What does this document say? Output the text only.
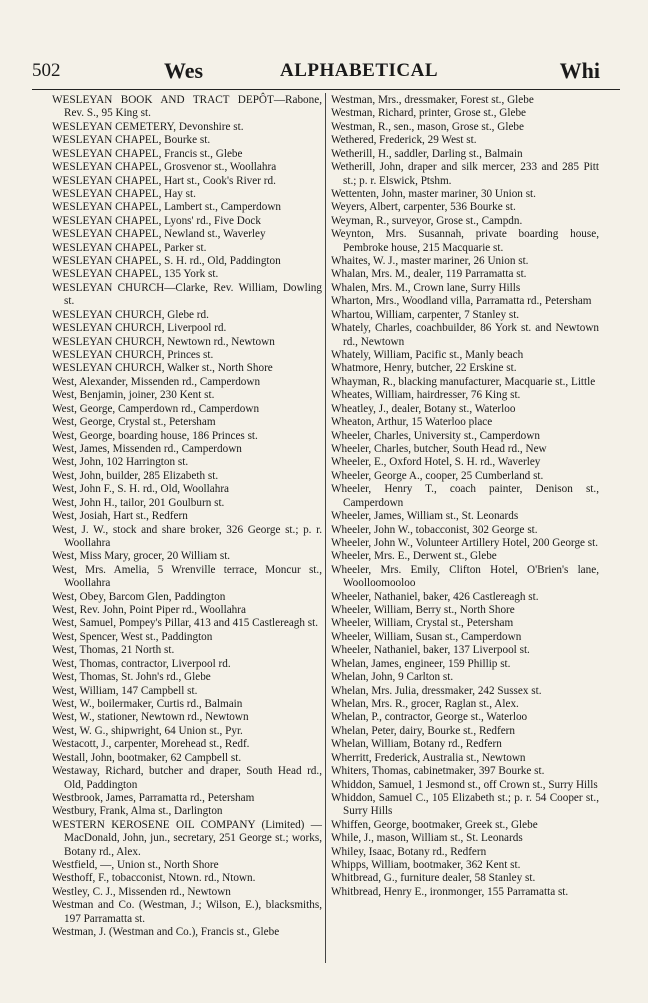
502	Wes	ALPHABETICAL	Whi
WESLEYAN BOOK AND TRACT DEPÔT—Rabone, Rev. S., 95 King st.
WESLEYAN CEMETERY, Devonshire st.
WESLEYAN CHAPEL, Bourke st.
WESLEYAN CHAPEL, Francis st., Glebe
WESLEYAN CHAPEL, Grosvenor st., Woollahra
WESLEYAN CHAPEL, Hart st., Cook's River rd.
WESLEYAN CHAPEL, Hay st.
WESLEYAN CHAPEL, Lambert st., Camperdown
WESLEYAN CHAPEL, Lyons' rd., Five Dock
WESLEYAN CHAPEL, Newland st., Waverley
WESLEYAN CHAPEL, Parker st.
WESLEYAN CHAPEL, S. H. rd., Old, Paddington
WESLEYAN CHAPEL, 135 York st.
WESLEYAN CHURCH—Clarke, Rev. William, Dowling st.
WESLEYAN CHURCH, Glebe rd.
WESLEYAN CHURCH, Liverpool rd.
WESLEYAN CHURCH, Newtown rd., Newtown
WESLEYAN CHURCH, Princes st.
WESLEYAN CHURCH, Walker st., North Shore
West, Alexander, Missenden rd., Camperdown
West, Benjamin, joiner, 230 Kent st.
West, George, Camperdown rd., Camperdown
West, George, Crystal st., Petersham
West, George, boarding house, 186 Princes st.
West, James, Missenden rd., Camperdown
West, John, 102 Harrington st.
West, John, builder, 285 Elizabeth st.
West, John F., S. H. rd., Old, Woollahra
West, John H., tailor, 201 Goulburn st.
West, Josiah, Hart st., Redfern
West, J. W., stock and share broker, 326 George st.; p. r. Woollahra
West, Miss Mary, grocer, 20 William st.
West, Mrs. Amelia, 5 Wrenville terrace, Moncur st., Woollahra
West, Obey, Barcom Glen, Paddington
West, Rev. John, Point Piper rd., Woollahra
West, Samuel, Pompey's Pillar, 413 and 415 Castlereagh st.
West, Spencer, West st., Paddington
West, Thomas, 21 North st.
West, Thomas, contractor, Liverpool rd.
West, Thomas, St. John's rd., Glebe
West, William, 147 Campbell st.
West, W., boilermaker, Curtis rd., Balmain
West, W., stationer, Newtown rd., Newtown
West, W. G., shipwright, 64 Union st., Pyr.
Westacott, J., carpenter, Morehead st., Redf.
Westall, John, bootmaker, 62 Campbell st.
Westaway, Richard, butcher and draper, South Head rd., Old, Paddington
Westbrook, James, Parramatta rd., Petersham
Westbury, Frank, Alma st., Darlington
WESTERN KEROSENE OIL COMPANY (Limited) —MacDonald, John, jun., secretary, 251 George st.; works, Botany rd., Alex.
Westfield, —, Union st., North Shore
Westhoff, F., tobacconist, Ntown. rd., Ntown.
Westley, C. J., Missenden rd., Newtown
Westman and Co. (Westman, J.; Wilson, E.), blacksmiths, 197 Parramatta st.
Westman, J. (Westman and Co.), Francis st., Glebe
Westman, Mrs., dressmaker, Forest st., Glebe
Westman, Richard, printer, Grose st., Glebe
Westman, R., sen., mason, Grose st., Glebe
Wethered, Frederick, 29 West st.
Wetherill, H., saddler, Darling st., Balmain
Wetherill, John, draper and silk mercer, 233 and 285 Pitt st.; p. r. Elswick, Ptshm.
Wettenten, John, master mariner, 30 Union st.
Weyers, Albert, carpenter, 536 Bourke st.
Weyman, R., surveyor, Grose st., Campdn.
Weynton, Mrs. Susannah, private boarding house, Pembroke house, 215 Macquarie st.
Whaites, W. J., master mariner, 26 Union st.
Whalan, Mrs. M., dealer, 119 Parramatta st.
Whalen, Mrs. M., Crown lane, Surry Hills
Wharton, Mrs., Woodland villa, Parramatta rd., Petersham
Whartou, William, carpenter, 7 Stanley st.
Whately, Charles, coachbuilder, 86 York st. and Newtown rd., Newtown
Whately, William, Pacific st., Manly beach
Whatmore, Henry, butcher, 22 Erskine st.
Whayman, R., blacking manufacturer, Macquarie st., Little
Wheates, William, hairdresser, 76 King st.
Wheatley, J., dealer, Botany st., Waterloo
Wheaton, Arthur, 15 Waterloo place
Wheeler, Charles, University st., Camperdown
Wheeler, Charles, butcher, South Head rd., New
Wheeler, E., Oxford Hotel, S. H. rd., Waverley
Wheeler, George A., cooper, 25 Cumberland st.
Wheeler, Henry T., coach painter, Denison st., Camperdown
Wheeler, James, William st., St. Leonards
Wheeler, John W., tobacconist, 302 George st.
Wheeler, John W., Volunteer Artillery Hotel, 200 George st.
Wheeler, Mrs. E., Derwent st., Glebe
Wheeler, Mrs. Emily, Clifton Hotel, O'Brien's lane, Woolloomooloo
Wheeler, Nathaniel, baker, 426 Castlereagh st.
Wheeler, William, Berry st., North Shore
Wheeler, William, Crystal st., Petersham
Wheeler, William, Susan st., Camperdown
Wheeler, Nathaniel, baker, 137 Liverpool st.
Whelan, James, engineer, 159 Phillip st.
Whelan, John, 9 Carlton st.
Whelan, Mrs. Julia, dressmaker, 242 Sussex st.
Whelan, Mrs. R., grocer, Raglan st., Alex.
Whelan, P., contractor, George st., Waterloo
Whelan, Peter, dairy, Bourke st., Redfern
Whelan, William, Botany rd., Redfern
Wherritt, Frederick, Australia st., Newtown
Whiters, Thomas, cabinetmaker, 397 Bourke st.
Whiddon, Samuel, 1 Jesmond st., off Crown st., Surry Hills
Whiddon, Samuel C., 105 Elizabeth st.; p. r. 54 Cooper st., Surry Hills
Whiffen, George, bootmaker, Greek st., Glebe
While, J., mason, William st., St. Leonards
Whiley, Isaac, Botany rd., Redfern
Whipps, William, bootmaker, 362 Kent st.
Whitbread, G., furniture dealer, 58 Stanley st.
Whitbread, Henry E., ironmonger, 155 Parramatta st.
